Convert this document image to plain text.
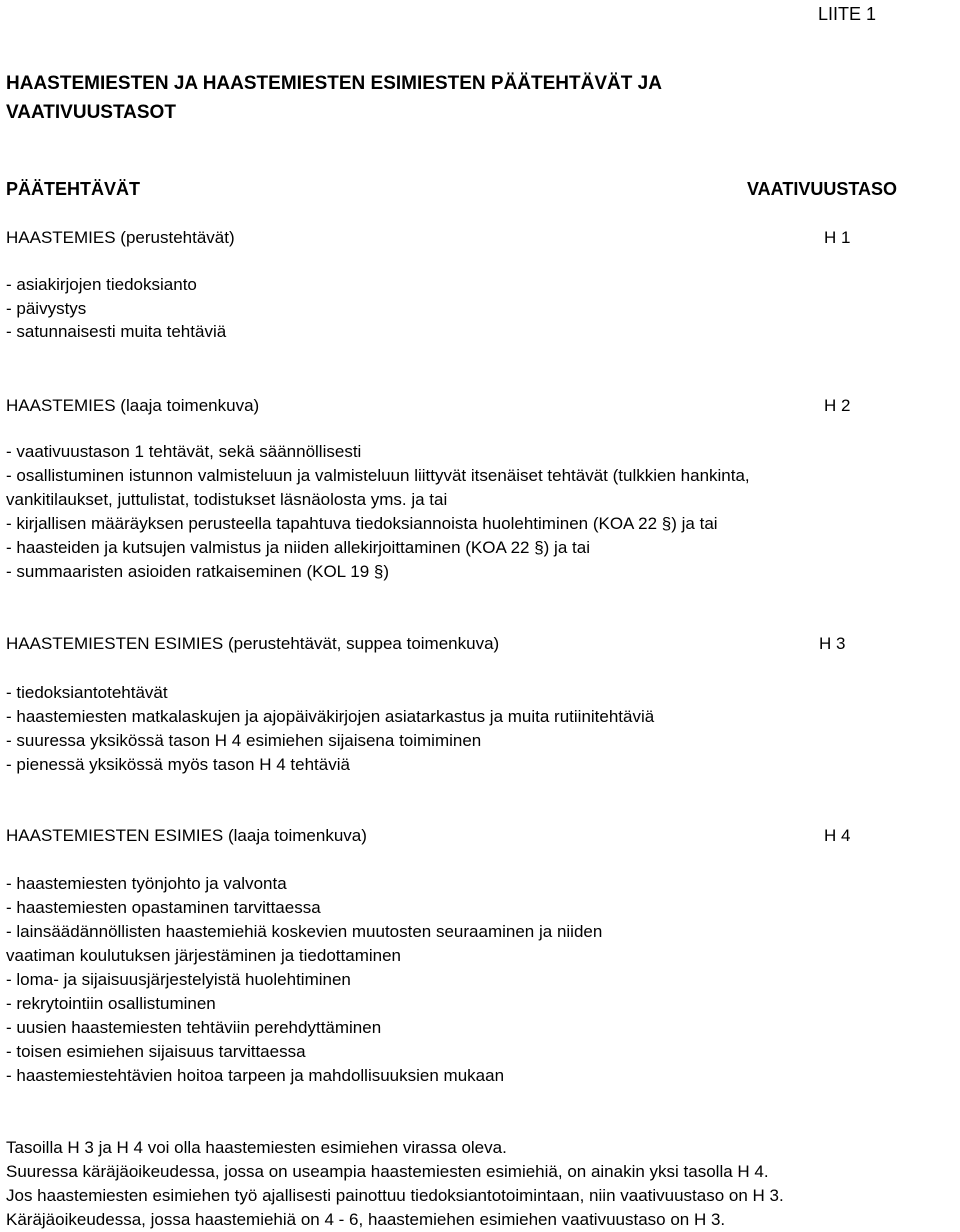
LIITE 1
HAASTEMIESTEN JA HAASTEMIESTEN ESIMIESTEN PÄÄTEHTÄVÄT JA
VAATIVUUSTASOT
PÄÄTEHTÄVÄT	VAATIVUUSTASO
HAASTEMIES (perustehtävät)	H 1
- asiakirjojen tiedoksianto
- päivystys
- satunnaisesti muita tehtäviä
HAASTEMIES (laaja toimenkuva)	H 2
- vaativuustason 1 tehtävät, sekä säännöllisesti
- osallistuminen istunnon valmisteluun ja valmisteluun liittyvät itsenäiset tehtävät (tulkkien hankinta,
vankitilaukset, juttulistat, todistukset läsnäolosta yms. ja tai
- kirjallisen määräyksen perusteella tapahtuva tiedoksiannoista huolehtiminen (KOA 22 §) ja tai
- haasteiden ja kutsujen valmistus ja niiden allekirjoittaminen (KOA 22 §) ja tai
- summaaristen asioiden ratkaiseminen (KOL 19 §)
HAASTEMIESTEN ESIMIES (perustehtävät, suppea toimenkuva)	H 3
- tiedoksiantotehtävät
- haastemiesten matkalaskujen ja ajopäiväkirjojen asiatarkastus ja muita rutiinitehtäviä
- suuressa yksikössä tason H 4 esimiehen sijaisena toimiminen
- pienessä yksikössä myös tason H 4 tehtäviä
HAASTEMIESTEN ESIMIES (laaja toimenkuva)	H 4
- haastemiesten työnjohto ja valvonta
- haastemiesten opastaminen tarvittaessa
- lainsäädännöllisten haastemiehiä koskevien muutosten seuraaminen ja niiden
vaatiman koulutuksen järjestäminen ja tiedottaminen
- loma- ja sijaisuusjärjestelyistä huolehtiminen
- rekrytointiin osallistuminen
- uusien haastemiesten tehtäviin perehdyttäminen
- toisen esimiehen sijaisuus tarvittaessa
- haastemiestehtävien hoitoa tarpeen ja mahdollisuuksien mukaan
Tasoilla H 3 ja H 4 voi olla haastemiesten esimiehen virassa oleva.
Suuressa käräjäoikeudessa, jossa on useampia haastemiesten esimiehiä, on ainakin yksi tasolla H 4.
Jos haastemiesten esimiehen työ ajallisesti painottuu tiedoksiantotoimintaan, niin vaativuustaso on H 3.
Käräjäoikeudessa, jossa haastemiehiä on 4 - 6, haastemiehen esimiehen vaativuustaso on H 3.
